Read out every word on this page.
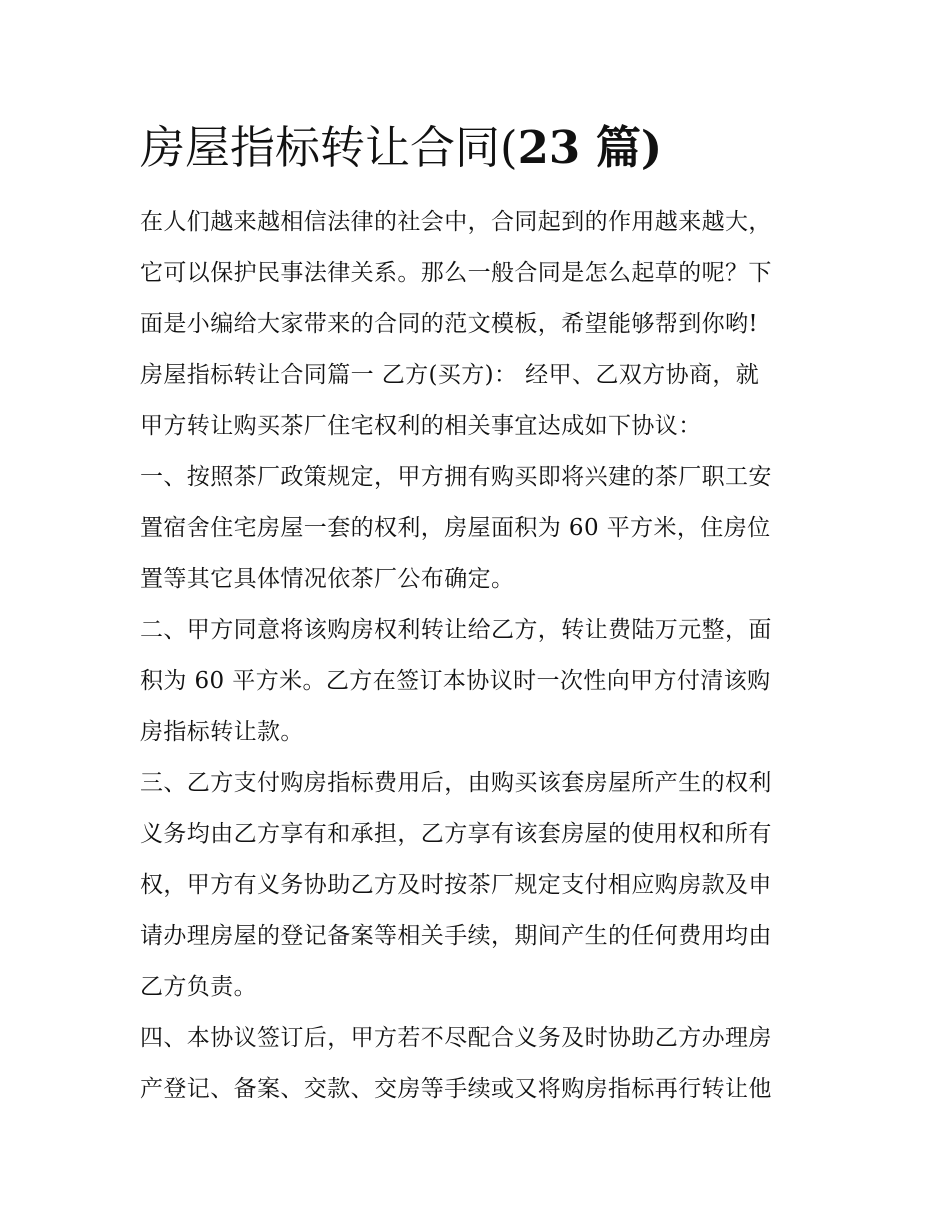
房屋指标转让合同(23 篇)
在人们越来越相信法律的社会中，合同起到的作用越来越大，
它可以保护民事法律关系。那么一般合同是怎么起草的呢？下
面是小编给大家带来的合同的范文模板，希望能够帮到你哟!
房屋指标转让合同篇一 乙方(买方)： 经甲、乙双方协商，就
甲方转让购买茶厂住宅权利的相关事宜达成如下协议：
一、按照茶厂政策规定，甲方拥有购买即将兴建的茶厂职工安
置宿舍住宅房屋一套的权利，房屋面积为 60 平方米，住房位
置等其它具体情况依茶厂公布确定。
二、甲方同意将该购房权利转让给乙方，转让费陆万元整，面
积为 60 平方米。乙方在签订本协议时一次性向甲方付清该购
房指标转让款。
三、乙方支付购房指标费用后，由购买该套房屋所产生的权利
义务均由乙方享有和承担，乙方享有该套房屋的使用权和所有
权，甲方有义务协助乙方及时按茶厂规定支付相应购房款及申
请办理房屋的登记备案等相关手续，期间产生的任何费用均由
乙方负责。
四、本协议签订后，甲方若不尽配合义务及时协助乙方办理房
产登记、备案、交款、交房等手续或又将购房指标再行转让他
